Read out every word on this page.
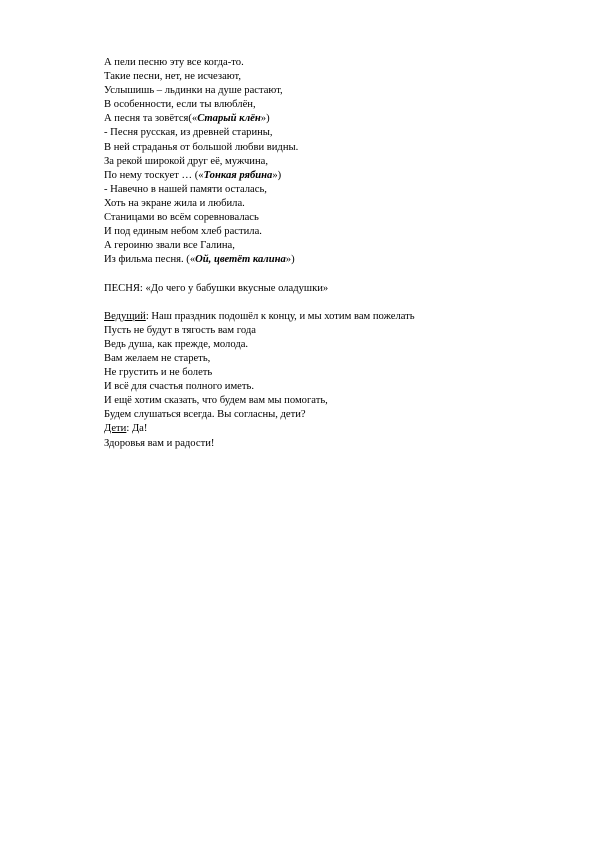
А пели песню эту все когда-то.
Такие песни, нет, не исчезают,
Услышишь – льдинки на душе растают,
В особенности, если ты влюблён,
А песня та зовётся(«Старый клён»)
- Песня русская, из древней старины,
В ней страданья от большой любви видны.
За рекой широкой друг её, мужчина,
По нему тоскует … («Тонкая рябина»)
- Навечно в нашей памяти осталась,
Хоть на экране жила и любила.
Станицами во всём соревновалась
И под единым небом хлеб растила.
А героиню звали все Галина,
Из фильма песня. («Ой, цветёт калина»)
ПЕСНЯ: «До чего у бабушки вкусные оладушки»
Ведущий: Наш праздник подошёл к концу, и мы хотим вам пожелать
Пусть не будут в тягость вам года
Ведь душа, как прежде, молода.
Вам желаем не стареть,
Не грустить и не болеть
И всё для счастья полного иметь.
И ещё хотим сказать, что будем вам мы помогать,
Будем слушаться всегда. Вы согласны, дети?
Дети: Да!
Здоровья вам и радости!
